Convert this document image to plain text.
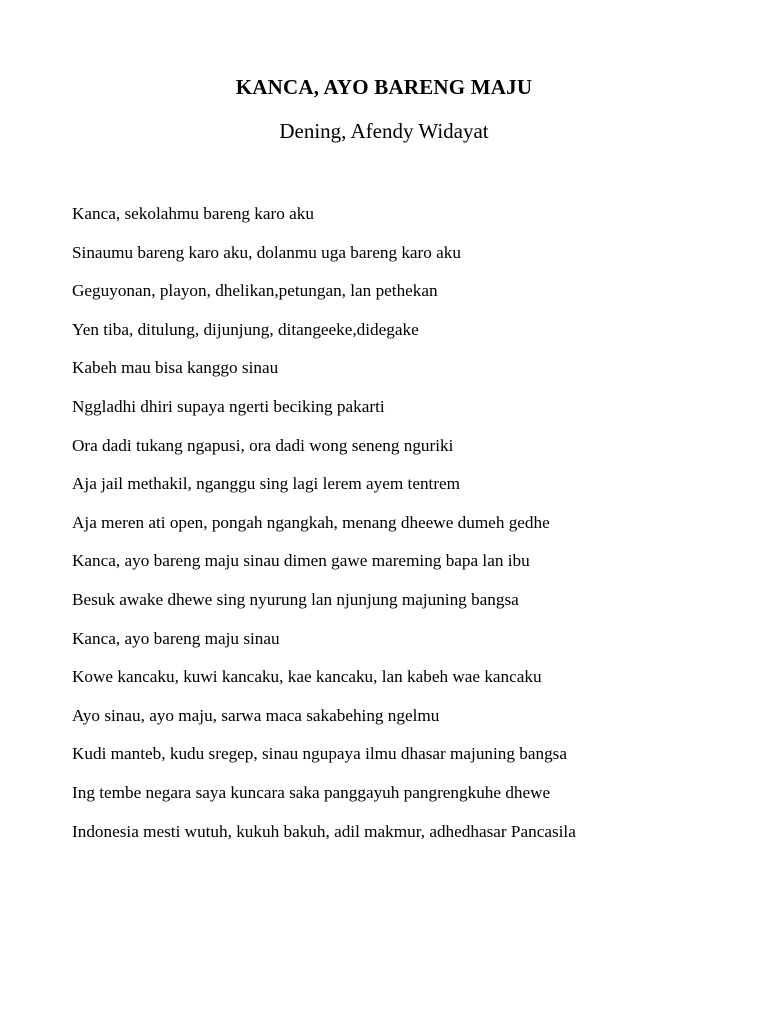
KANCA, AYO BARENG MAJU

Dening, Afendy Widayat

Kanca, sekolahmu bareng karo aku
Sinaumu bareng karo aku, dolanmu uga bareng karo aku
Geguyonan, playon, dhelikan,petungan, lan pethekan
Yen tiba, ditulung, dijunjung, ditangeeke,didegake
Kabeh mau bisa kanggo sinau
Nggladhi dhiri supaya ngerti beciking pakarti
Ora dadi tukang ngapusi, ora dadi wong seneng nguriki
Aja jail methakil, nganggu sing lagi lerem ayem tentrem
Aja meren ati open, pongah ngangkah, menang dheewe dumeh gedhe
Kanca, ayo bareng maju sinau dimen gawe mareming bapa lan ibu
Besuk awake dhewe sing nyurung lan njunjung majuning bangsa
Kanca, ayo bareng maju sinau
Kowe kancaku, kuwi kancaku, kae kancaku, lan kabeh wae kancaku
Ayo sinau, ayo maju, sarwa maca sakabehing ngelmu
Kudi manteb, kudu sregep, sinau ngupaya ilmu dhasar majuning bangsa
Ing tembe negara saya kuncara saka panggayuh pangrengkuhe dhewe
Indonesia mesti wutuh, kukuh bakuh, adil makmur, adhedhasar Pancasila
